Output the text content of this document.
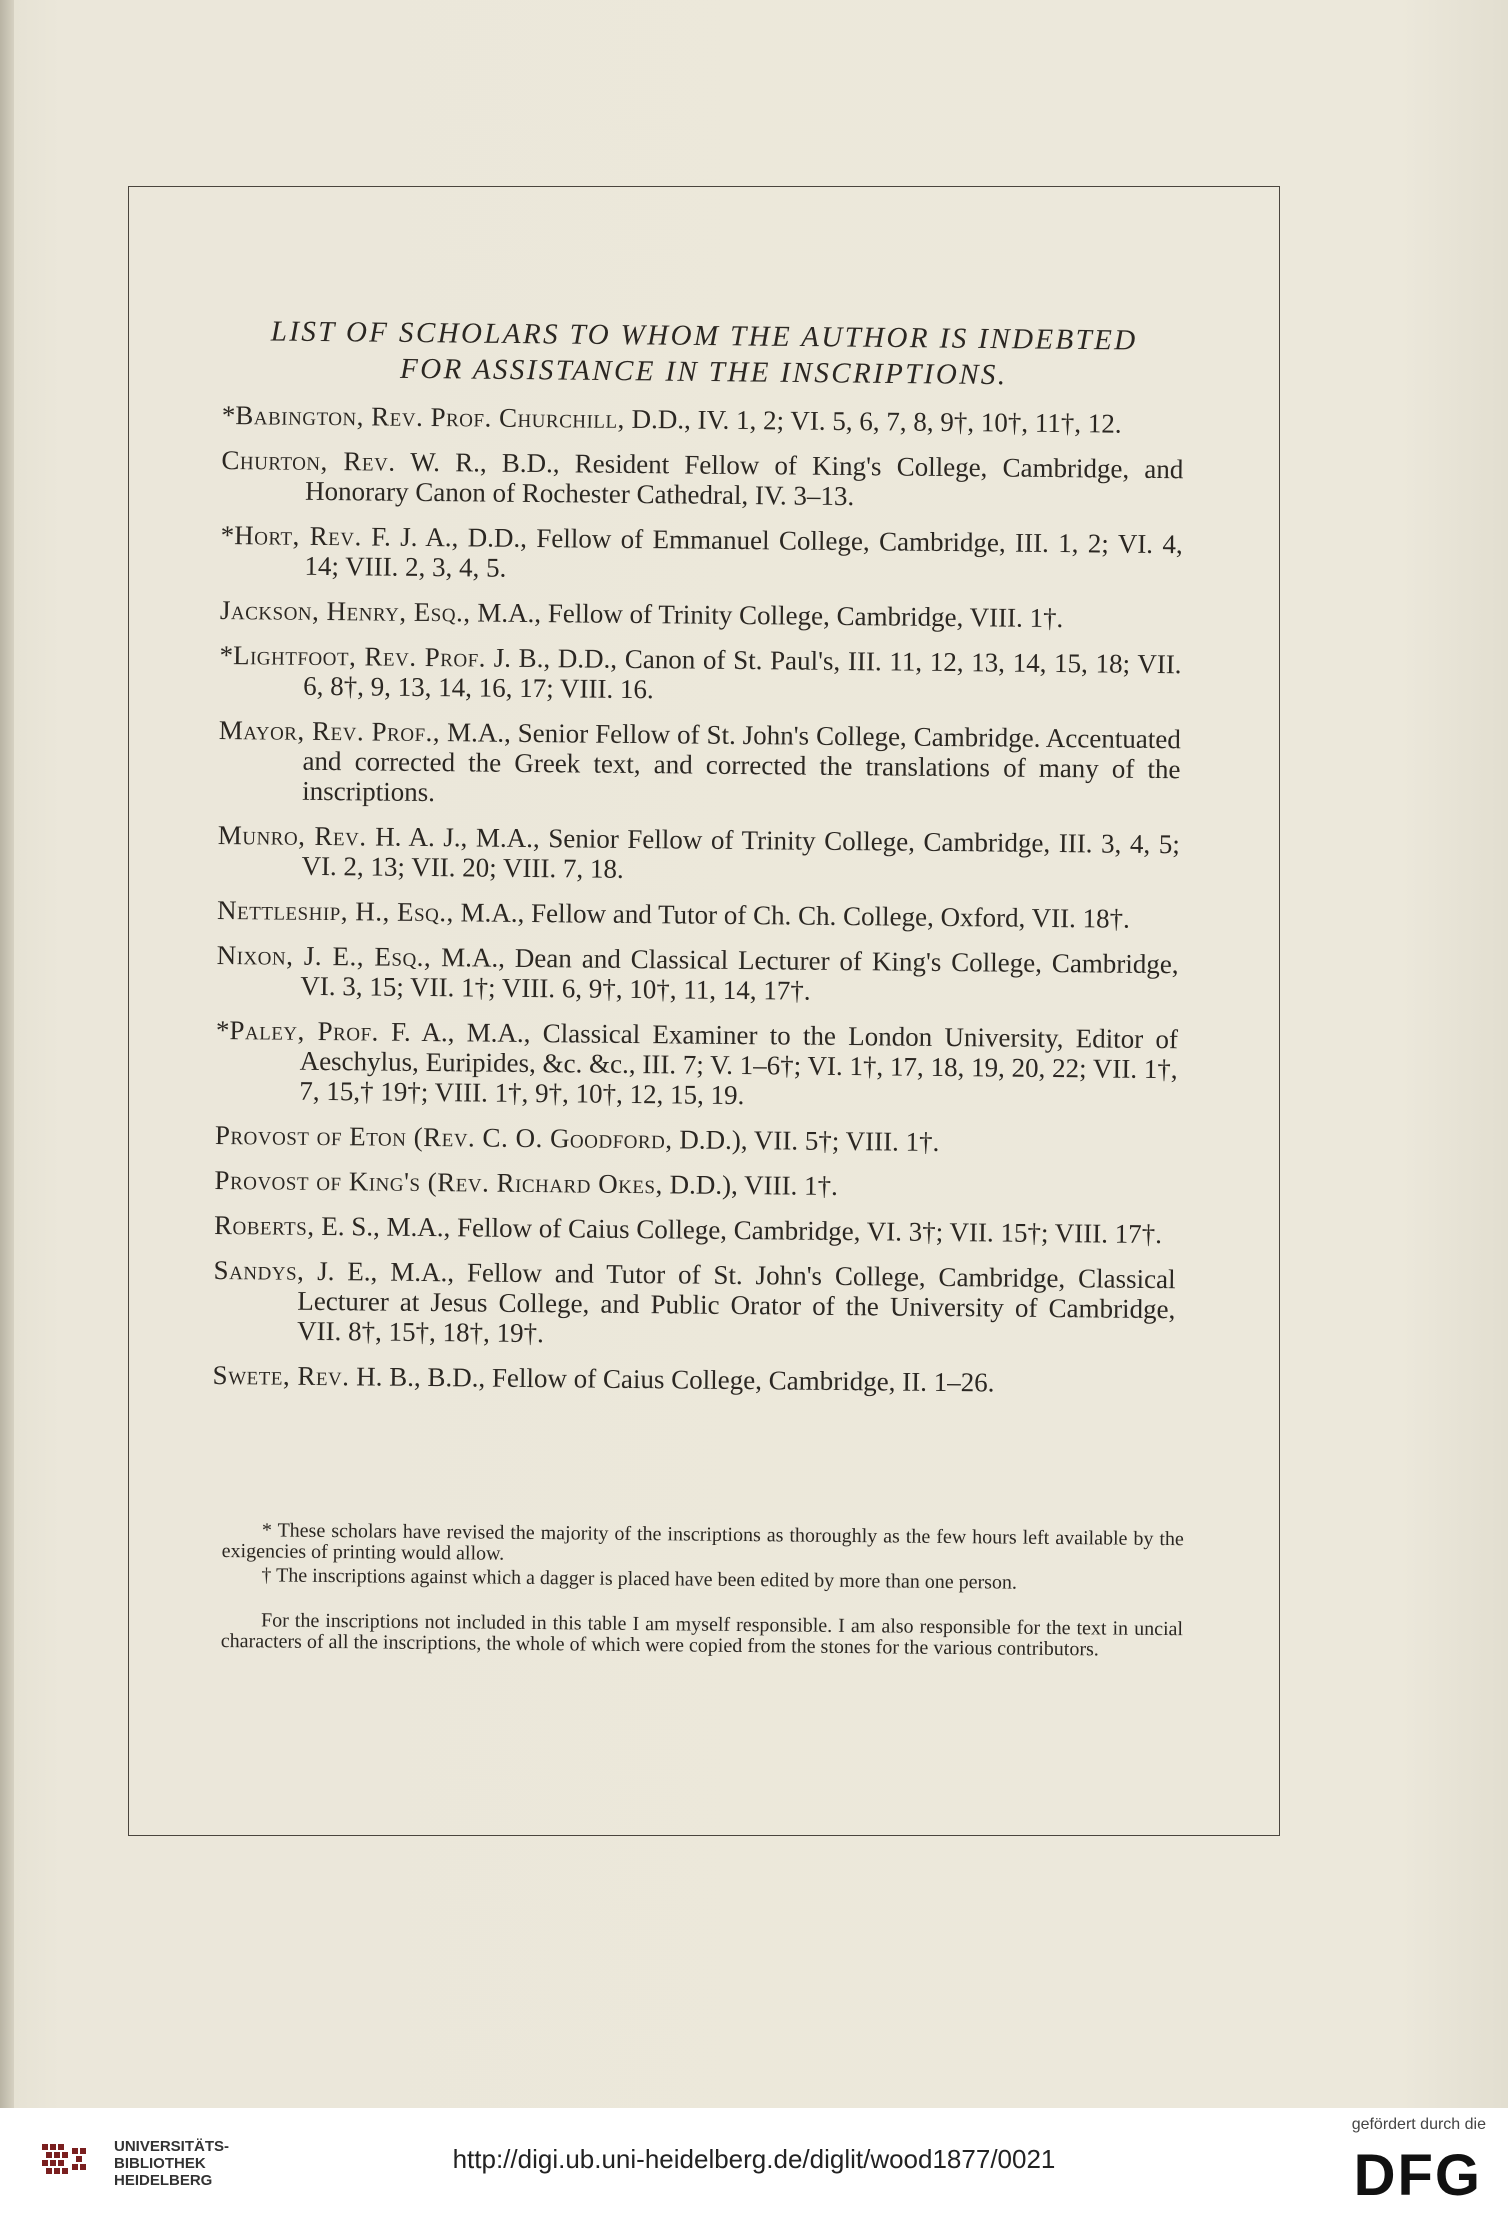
LIST OF SCHOLARS TO WHOM THE AUTHOR IS INDEBTED
FOR ASSISTANCE IN THE INSCRIPTIONS.
*Babington, Rev. Prof. Churchill, D.D., IV. 1, 2; VI. 5, 6, 7, 8, 9†, 10†, 11†, 12.
Churton, Rev. W. R., B.D., Resident Fellow of King's College, Cambridge, and Honorary Canon of Rochester Cathedral, IV. 3–13.
*Hort, Rev. F. J. A., D.D., Fellow of Emmanuel College, Cambridge, III. 1, 2; VI. 4, 14; VIII. 2, 3, 4, 5.
Jackson, Henry, Esq., M.A., Fellow of Trinity College, Cambridge, VIII. 1†.
*Lightfoot, Rev. Prof. J. B., D.D., Canon of St. Paul's, III. 11, 12, 13, 14, 15, 18; VII. 6, 8†, 9, 13, 14, 16, 17; VIII. 16.
Mayor, Rev. Prof., M.A., Senior Fellow of St. John's College, Cambridge. Accentuated and corrected the Greek text, and corrected the translations of many of the inscriptions.
Munro, Rev. H. A. J., M.A., Senior Fellow of Trinity College, Cambridge, III. 3, 4, 5; VI. 2, 13; VII. 20; VIII. 7, 18.
Nettleship, H., Esq., M.A., Fellow and Tutor of Ch. Ch. College, Oxford, VII. 18†.
Nixon, J. E., Esq., M.A., Dean and Classical Lecturer of King's College, Cambridge, VI. 3, 15; VII. 1†; VIII. 6, 9†, 10†, 11, 14, 17†.
*Paley, Prof. F. A., M.A., Classical Examiner to the London University, Editor of Aeschylus, Euripides, &c. &c., III. 7; V. 1–6†; VI. 1†, 17, 18, 19, 20, 22; VII. 1†, 7, 15,† 19†; VIII. 1†, 9†, 10†, 12, 15, 19.
Provost of Eton (Rev. C. O. Goodford, D.D.), VII. 5†; VIII. 1†.
Provost of King's (Rev. Richard Okes, D.D.), VIII. 1†.
Roberts, E. S., M.A., Fellow of Caius College, Cambridge, VI. 3†; VII. 15†; VIII. 17†.
Sandys, J. E., M.A., Fellow and Tutor of St. John's College, Cambridge, Classical Lecturer at Jesus College, and Public Orator of the University of Cambridge, VII. 8†, 15†, 18†, 19†.
Swete, Rev. H. B., B.D., Fellow of Caius College, Cambridge, II. 1–26.

* These scholars have revised the majority of the inscriptions as thoroughly as the few hours left available by the exigencies of printing would allow.

† The inscriptions against which a dagger is placed have been edited by more than one person.

For the inscriptions not included in this table I am myself responsible. I am also responsible for the text in uncial characters of all the inscriptions, the whole of which were copied from the stones for the various contributors.

UNIVERSITÄTS-
BIBLIOTHEK
HEIDELBERG
http://digi.ub.uni-heidelberg.de/diglit/wood1877/0021
gefördert durch die
DFG
